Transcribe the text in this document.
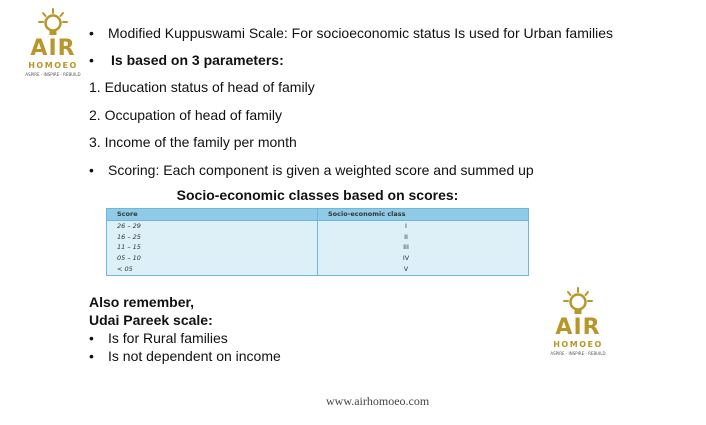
AIR
HOMOEO
ASPIRE - INSPIRE - REBUILD
• Modified Kuppuswami Scale: For socioeconomic status Is used for Urban families
• Is based on 3 parameters:
1. Education status of head of family
2. Occupation of head of family
3. Income of the family per month
• Scoring: Each component is given a weighted score and summed up
Socio-economic classes based on scores:
Score	Socio-economic class
26 – 29	I
16 – 25	II
11 – 15	III
05 – 10	IV
< 05	V
Also remember,
Udai Pareek scale:
• Is for Rural families
• Is not dependent on income
AIR
HOMOEO
ASPIRE - INSPIRE - REBUILD
www.airhomoeo.com
